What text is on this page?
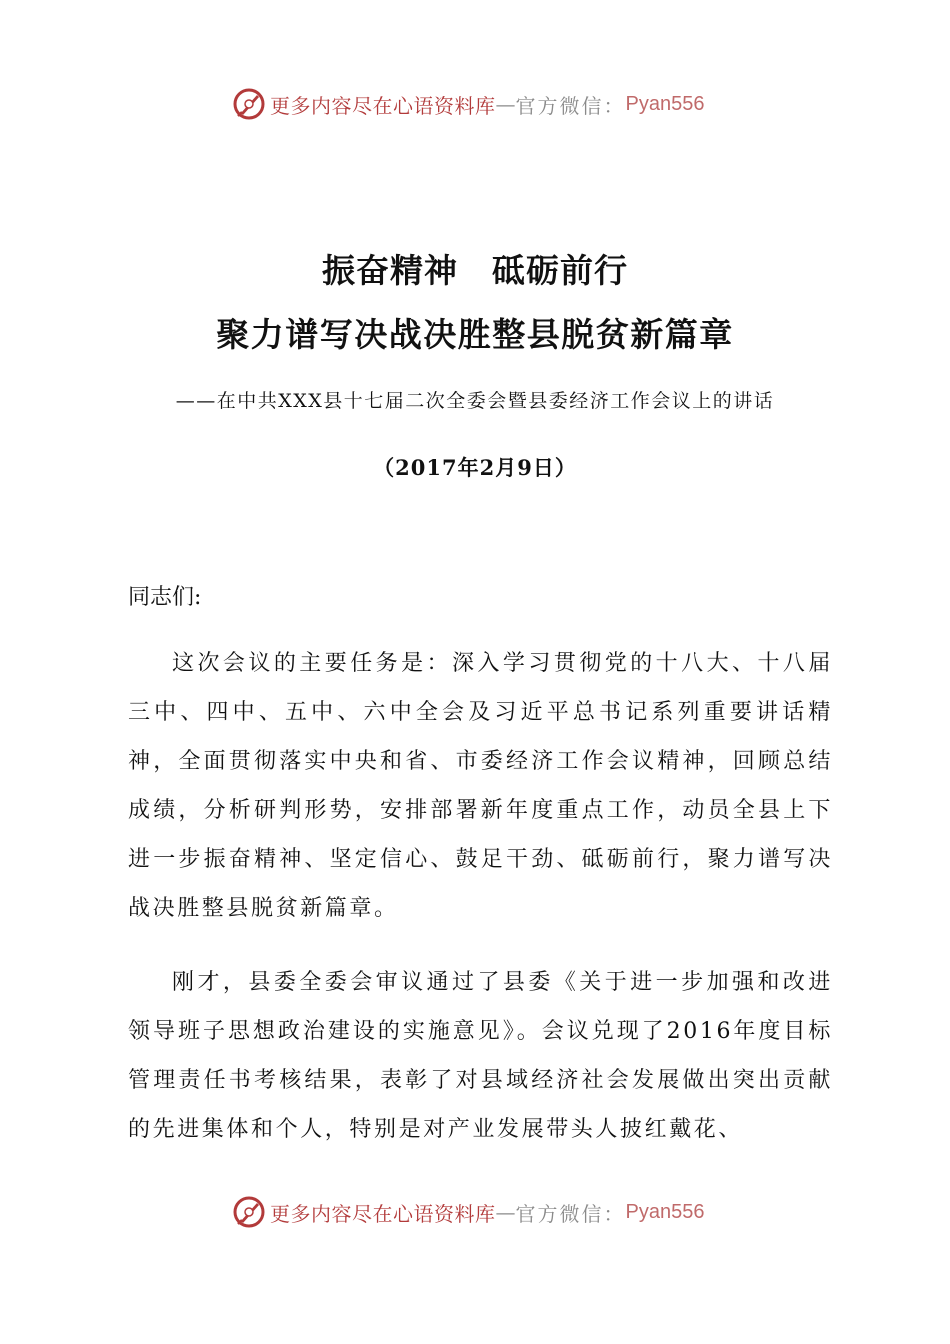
更多内容尽在心语资料库 — 官方微信： Pyan556
振奋精神　砥砺前行
聚力谱写决战决胜整县脱贫新篇章
——在中共XXX县十七届二次全委会暨县委经济工作会议上的讲话
（2017年2月9日）
同志们:

这次会议的主要任务是：深入学习贯彻党的十八大、十八届三中、四中、五中、六中全会及习近平总书记系列重要讲话精神，全面贯彻落实中央和省、市委经济工作会议精神，回顾总结成绩，分析研判形势，安排部署新年度重点工作，动员全县上下进一步振奋精神、坚定信心、鼓足干劲、砥砺前行，聚力谱写决战决胜整县脱贫新篇章。

刚才，县委全委会审议通过了县委《关于进一步加强和改进领导班子思想政治建设的实施意见》。会议兑现了2016年度目标管理责任书考核结果，表彰了对县域经济社会发展做出突出贡献的先进集体和个人，特别是对产业发展带头人披红戴花、

更多内容尽在心语资料库 — 官方微信： Pyan556
